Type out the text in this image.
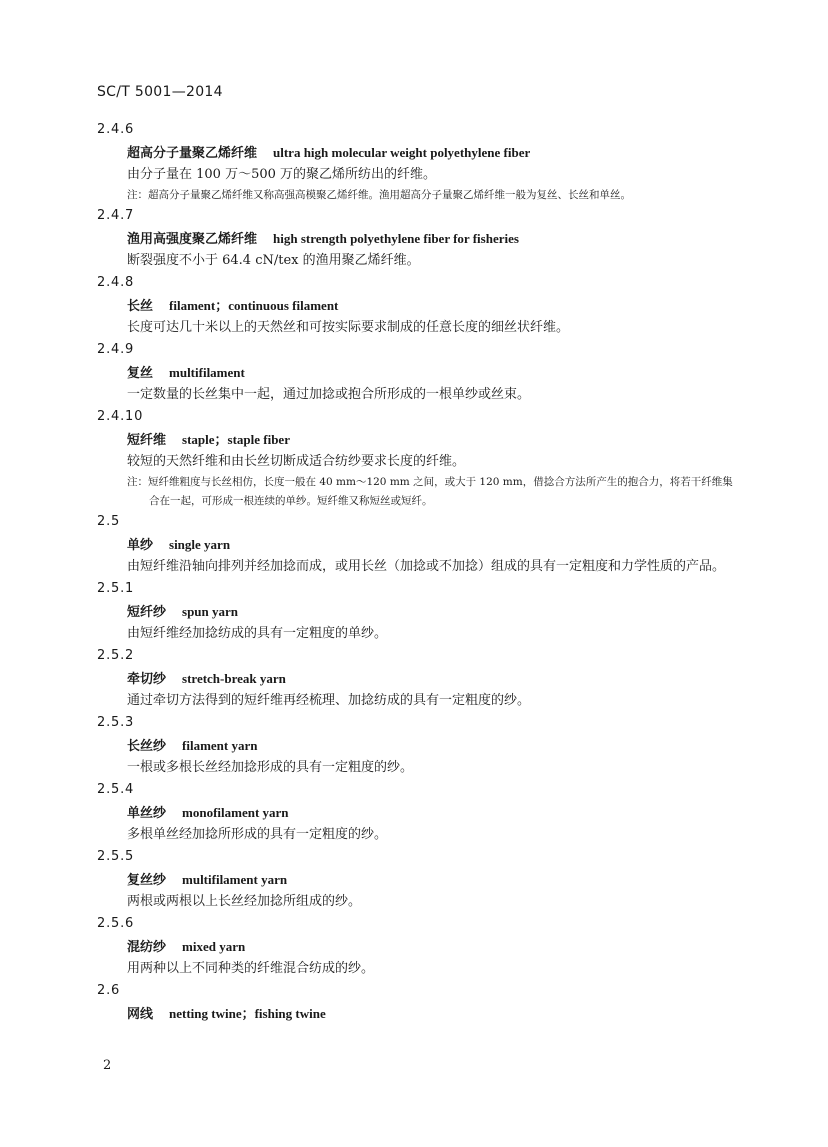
SC/T 5001—2014
2.4.6
超高分子量聚乙烯纤维 ultra high molecular weight polyethylene fiber
由分子量在 100 万～500 万的聚乙烯所纺出的纤维。
注：超高分子量聚乙烯纤维又称高强高模聚乙烯纤维。渔用超高分子量聚乙烯纤维一般为复丝、长丝和单丝。
2.4.7
渔用高强度聚乙烯纤维 high strength polyethylene fiber for fisheries
断裂强度不小于 64.4 cN/tex 的渔用聚乙烯纤维。
2.4.8
长丝 filament；continuous filament
长度可达几十米以上的天然丝和可按实际要求制成的任意长度的细丝状纤维。
2.4.9
复丝 multifilament
一定数量的长丝集中一起，通过加捻或抱合所形成的一根单纱或丝束。
2.4.10
短纤维 staple；staple fiber
较短的天然纤维和由长丝切断成适合纺纱要求长度的纤维。
注：短纤维粗度与长丝相仿，长度一般在 40 mm～120 mm 之间，或大于 120 mm，借捻合方法所产生的抱合力，将若干纤维集合在一起，可形成一根连续的单纱。短纤维又称短丝或短纤。
2.5
单纱 single yarn
由短纤维沿轴向排列并经加捻而成，或用长丝（加捻或不加捻）组成的具有一定粗度和力学性质的产品。
2.5.1
短纤纱 spun yarn
由短纤维经加捻纺成的具有一定粗度的单纱。
2.5.2
牵切纱 stretch-break yarn
通过牵切方法得到的短纤维再经梳理、加捻纺成的具有一定粗度的纱。
2.5.3
长丝纱 filament yarn
一根或多根长丝经加捻形成的具有一定粗度的纱。
2.5.4
单丝纱 monofilament yarn
多根单丝经加捻所形成的具有一定粗度的纱。
2.5.5
复丝纱 multifilament yarn
两根或两根以上长丝经加捻所组成的纱。
2.5.6
混纺纱 mixed yarn
用两种以上不同种类的纤维混合纺成的纱。
2.6
网线 netting twine；fishing twine
2
